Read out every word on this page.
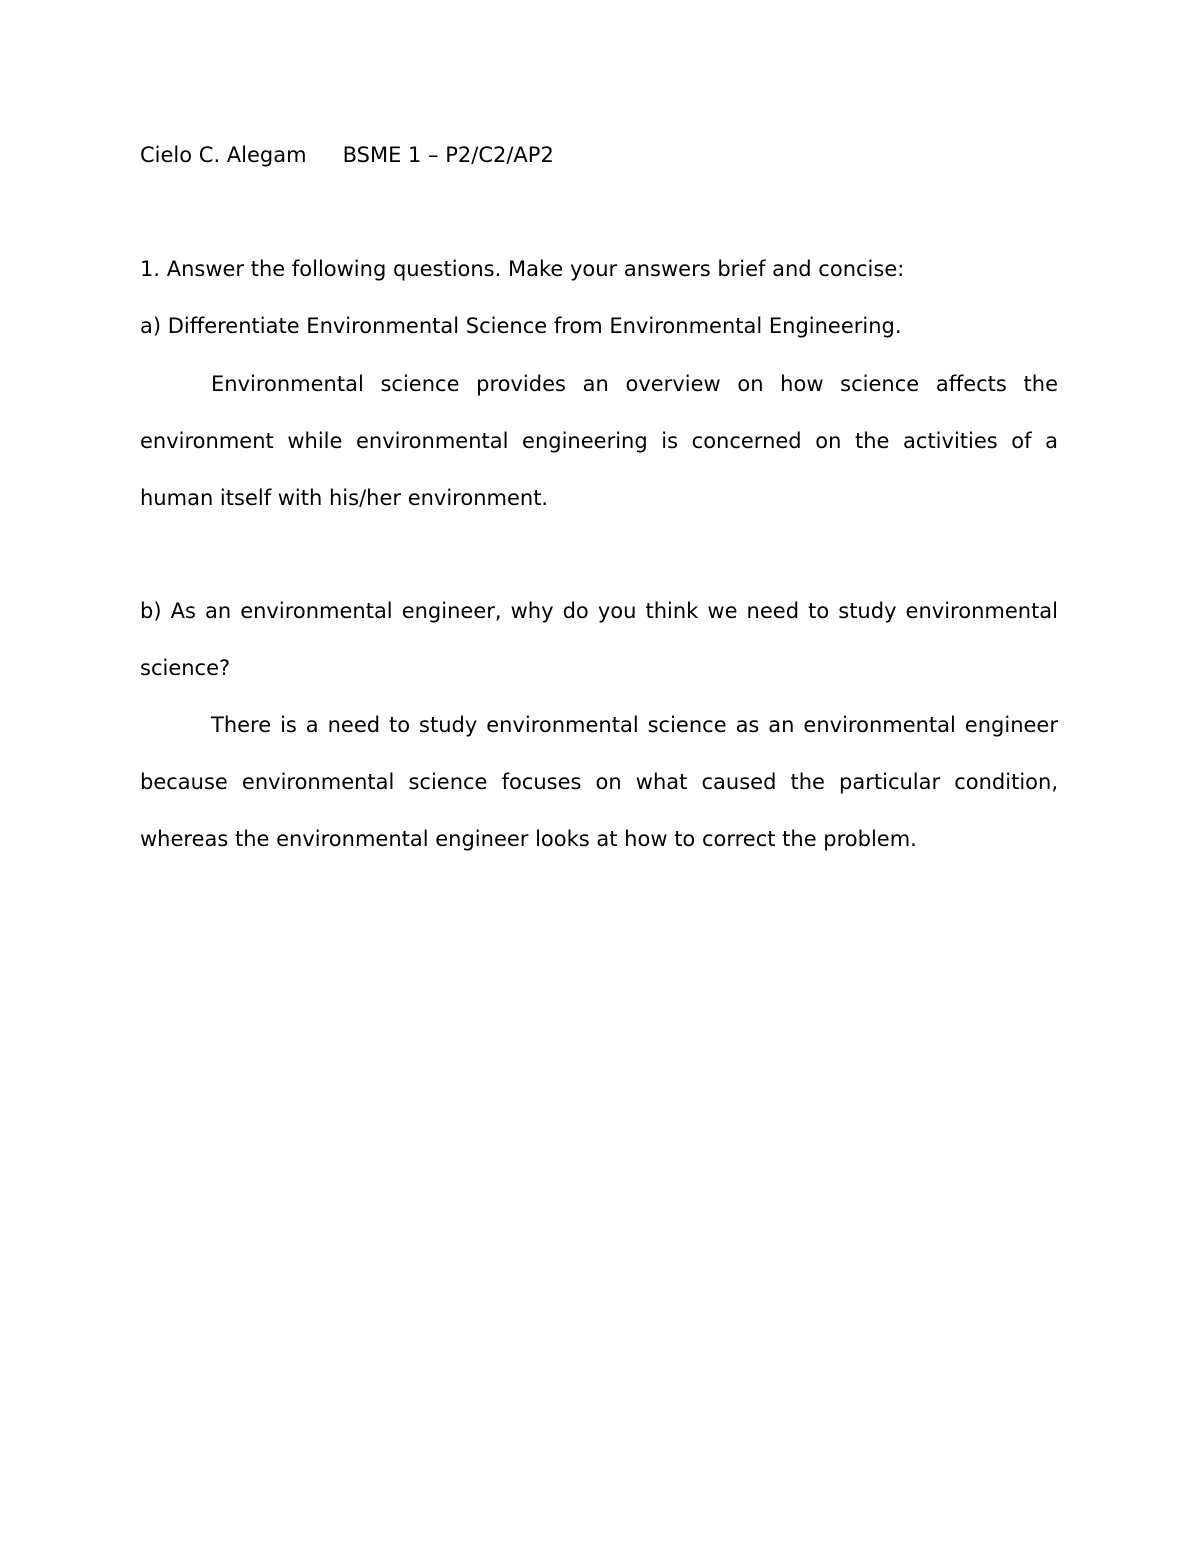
Cielo C. Alegam BSME 1 – P2/C2/AP2
1. Answer the following questions. Make your answers brief and concise:
a) Differentiate Environmental Science from Environmental Engineering.

Environmental science provides an overview on how science affects the environment while environmental engineering is concerned on the activities of a human itself with his/her environment.

b) As an environmental engineer, why do you think we need to study environmental science?

There is a need to study environmental science as an environmental engineer because environmental science focuses on what caused the particular condition, whereas the environmental engineer looks at how to correct the problem.
